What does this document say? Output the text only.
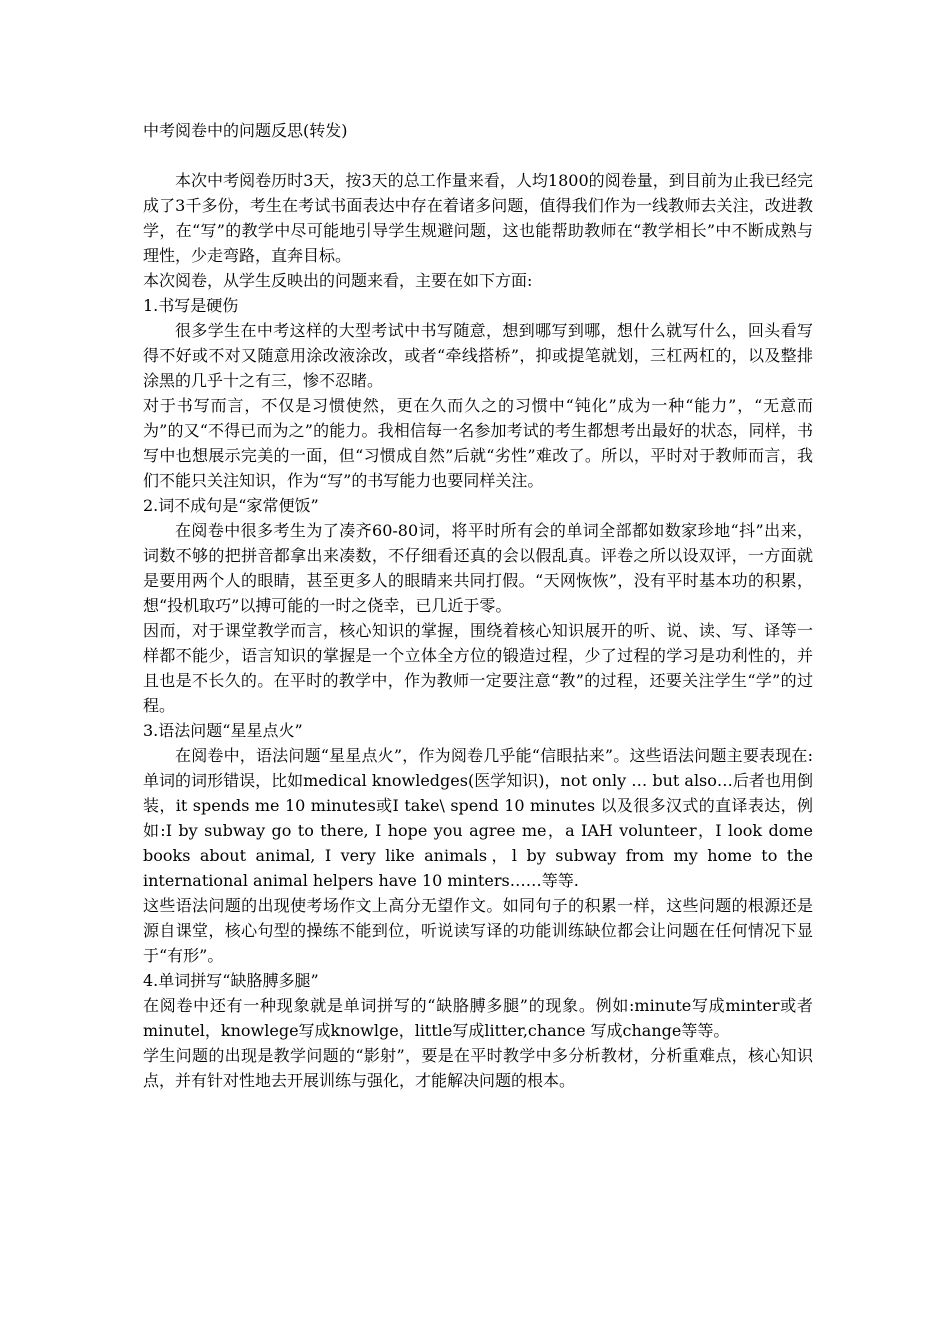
中考阅卷中的问题反思(转发)

本次中考阅卷历时3天，按3天的总工作量来看，人均1800的阅卷量，到目前为止我已经完成了3千多份，考生在考试书面表达中存在着诸多问题，值得我们作为一线教师去关注，改进教学，在“写”的教学中尽可能地引导学生规避问题，这也能帮助教师在“教学相长”中不断成熟与理性，少走弯路，直奔目标。

本次阅卷，从学生反映出的问题来看，主要在如下方面:

1.书写是硬伤

很多学生在中考这样的大型考试中书写随意，想到哪写到哪，想什么就写什么，回头看写得不好或不对又随意用涂改液涂改，或者“牵线搭桥”，抑或提笔就划，三杠两杠的，以及整排涂黑的几乎十之有三，惨不忍睹。

对于书写而言，不仅是习惯使然，更在久而久之的习惯中“钝化”成为一种“能力”，“无意而为”的又“不得已而为之”的能力。我相信每一名参加考试的考生都想考出最好的状态，同样，书写中也想展示完美的一面，但“习惯成自然”后就“劣性”难改了。所以，平时对于教师而言，我们不能只关注知识，作为“写”的书写能力也要同样关注。

2.词不成句是“家常便饭”

在阅卷中很多考生为了凑齐60-80词，将平时所有会的单词全部都如数家珍地“抖”出来，词数不够的把拼音都拿出来凑数，不仔细看还真的会以假乱真。评卷之所以设双评，一方面就是要用两个人的眼睛，甚至更多人的眼睛来共同打假。“天网恢恢”，没有平时基本功的积累，想“投机取巧”以搏可能的一时之侥幸，已几近于零。

因而，对于课堂教学而言，核心知识的掌握，围绕着核心知识展开的听、说、读、写、译等一样都不能少，语言知识的掌握是一个立体全方位的锻造过程，少了过程的学习是功利性的，并且也是不长久的。在平时的教学中，作为教师一定要注意“教”的过程，还要关注学生“学”的过程。

3.语法问题“星星点火”

在阅卷中，语法问题“星星点火”，作为阅卷几乎能“信眼拈来”。这些语法问题主要表现在:单词的词形错误，比如medical knowledges(医学知识)，not only … but also…后者也用倒装，it spends me 10 minutes或I take\ spend 10 minutes 以及很多汉式的直译表达，例如:I by subway go to there, I hope you agree me，a IAH volunteer，I look dome books about animal, I very like animals，l by subway from my home to the international animal helpers have 10 minters……等等.

这些语法问题的出现使考场作文上高分无望作文。如同句子的积累一样，这些问题的根源还是源自课堂，核心句型的操练不能到位，听说读写译的功能训练缺位都会让问题在任何情况下显于“有形”。

4.单词拼写“缺胳膊多腿”

在阅卷中还有一种现象就是单词拼写的“缺胳膊多腿”的现象。例如:minute写成minter或者minutel，knowlege写成knowlge，little写成litter,chance 写成change等等。

学生问题的出现是教学问题的“影射”，要是在平时教学中多分析教材，分析重难点，核心知识点，并有针对性地去开展训练与强化，才能解决问题的根本。
